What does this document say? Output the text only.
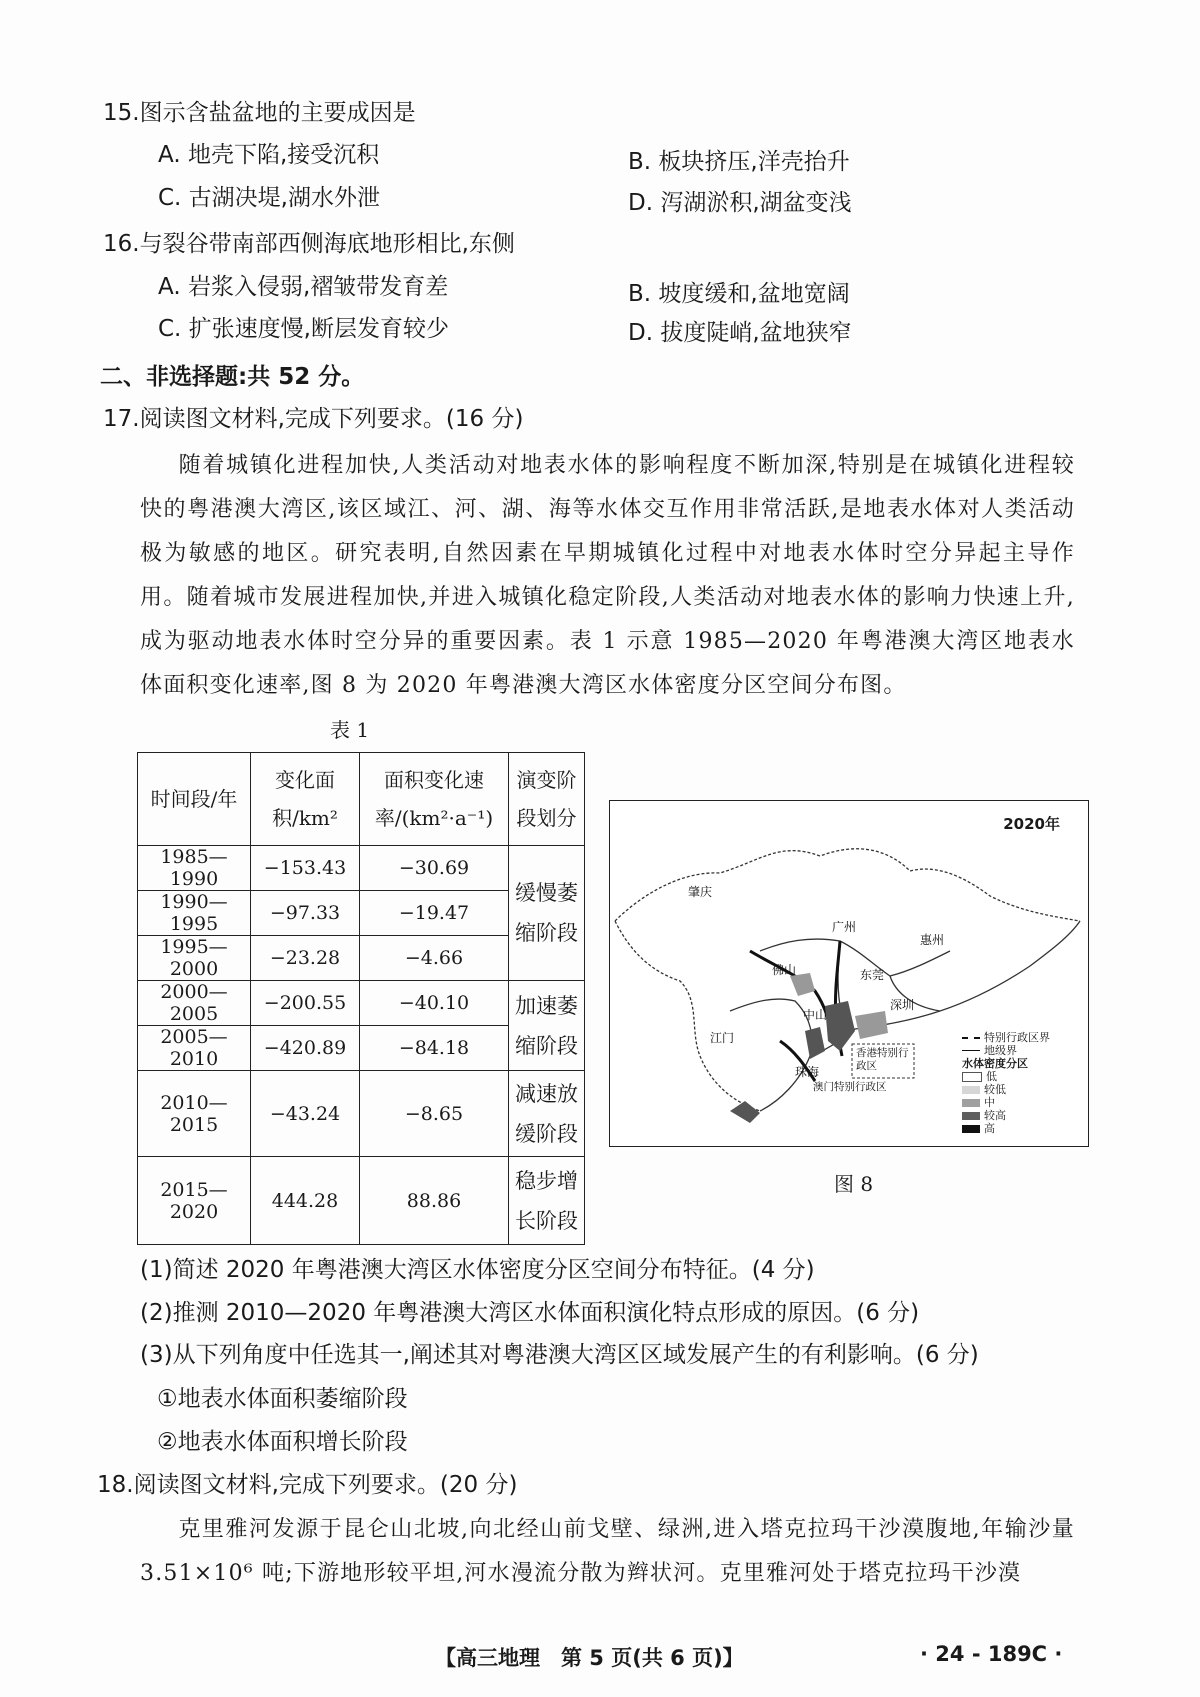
15.图示含盐盆地的主要成因是
A. 地壳下陷,接受沉积	B. 板块挤压,洋壳抬升
C. 古湖决堤,湖水外泄	D. 泻湖淤积,湖盆变浅
16.与裂谷带南部西侧海底地形相比,东侧
A. 岩浆入侵弱,褶皱带发育差	B. 坡度缓和,盆地宽阔
C. 扩张速度慢,断层发育较少	D. 拔度陡峭,盆地狭窄
二、非选择题:共 52 分。
17.阅读图文材料,完成下列要求。(16 分)
随着城镇化进程加快,人类活动对地表水体的影响程度不断加深,特别是在城镇化进程较快的粤港澳大湾区,该区域江、河、湖、海等水体交互作用非常活跃,是地表水体对人类活动极为敏感的地区。研究表明,自然因素在早期城镇化过程中对地表水体时空分异起主导作用。随着城市发展进程加快,并进入城镇化稳定阶段,人类活动对地表水体的影响力快速上升,成为驱动地表水体时空分异的重要因素。表 1 示意 1985—2020 年粤港澳大湾区地表水体面积变化速率,图 8 为 2020 年粤港澳大湾区水体密度分区空间分布图。
表 1
时间段/年	变化面积/km²	面积变化速率/(km²·a⁻¹)	演变阶段划分
1985—1990	−153.43	−30.69	缓慢萎缩阶段
1990—1995	−97.33	−19.47	
1995—2000	−23.28	−4.66	
2000—2005	−200.55	−40.10	加速萎缩阶段
2005—2010	−420.89	−84.18	
2010—2015	−43.24	−8.65	减速放缓阶段
2015—2020	444.28	88.86	稳步增长阶段
2020年
肇庆
广州
惠州
佛山	东莞
中山
深圳
江门
珠海
香港特别行政区
澳门特别行政区
特别行政区界
地级界
水体密度分区
低
较低
中
较高
高
图 8
(1)简述 2020 年粤港澳大湾区水体密度分区空间分布特征。(4 分)
(2)推测 2010—2020 年粤港澳大湾区水体面积演化特点形成的原因。(6 分)
(3)从下列角度中任选其一,阐述其对粤港澳大湾区区域发展产生的有利影响。(6 分)
①地表水体面积萎缩阶段
②地表水体面积增长阶段
18.阅读图文材料,完成下列要求。(20 分)
克里雅河发源于昆仑山北坡,向北经山前戈壁、绿洲,进入塔克拉玛干沙漠腹地,年输沙量 3.51×10⁶ 吨;下游地形较平坦,河水漫流分散为辫状河。克里雅河处于塔克拉玛干沙漠
【高三地理　第 5 页(共 6 页)】	· 24 - 189C ·
